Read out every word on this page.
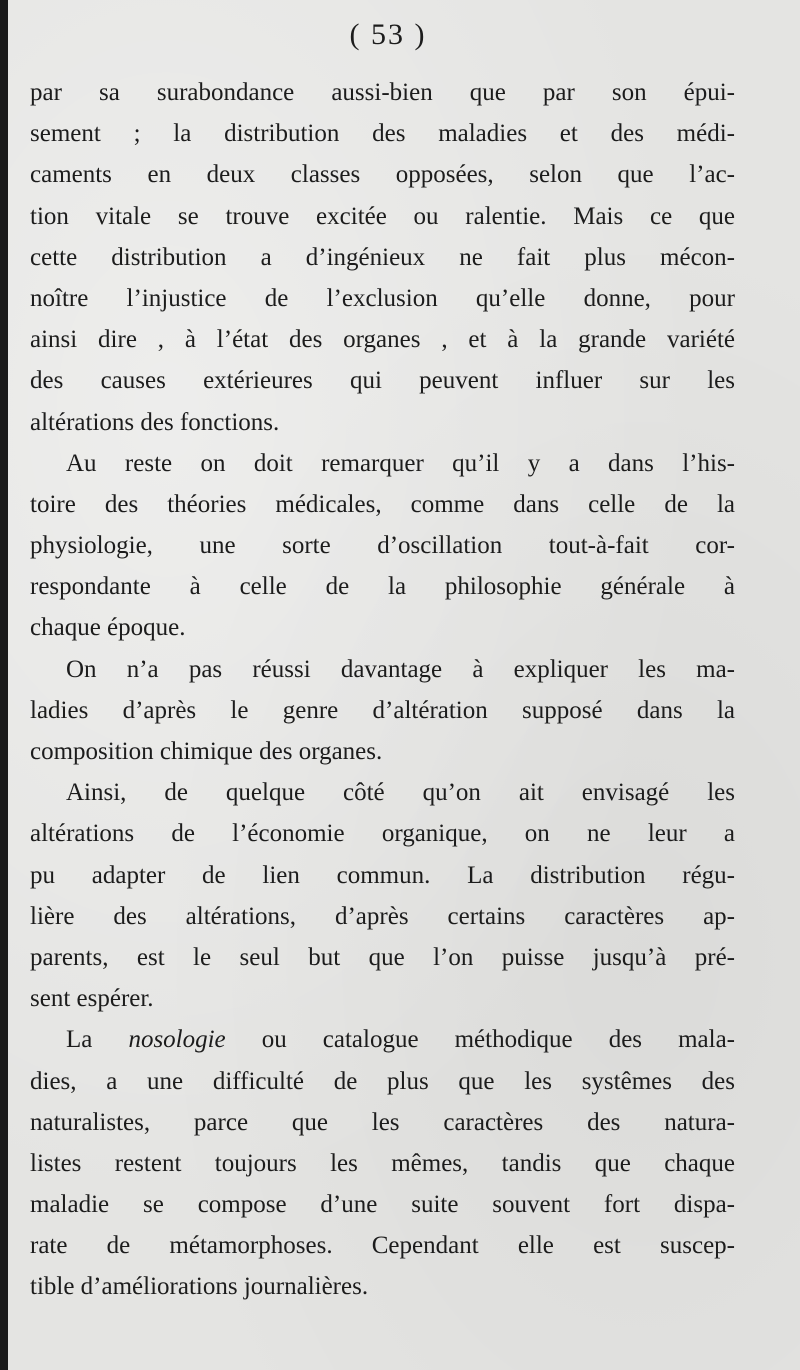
( 53 )
par sa surabondance aussi-bien que par son épui-
sement ; la distribution des maladies et des médi-
caments en deux classes opposées, selon que l’ac-
tion vitale se trouve excitée ou ralentie. Mais ce que
cette distribution a d’ingénieux ne fait plus mécon-
noître l’injustice de l’exclusion qu’elle donne, pour
ainsi dire , à l’état des organes , et à la grande variété
des causes extérieures qui peuvent influer sur les
altérations des fonctions.
Au reste on doit remarquer qu’il y a dans l’his-
toire des théories médicales, comme dans celle de la
physiologie, une sorte d’oscillation tout-à-fait cor-
respondante à celle de la philosophie générale à
chaque époque.
On n’a pas réussi davantage à expliquer les ma-
ladies d’après le genre d’altération supposé dans la
composition chimique des organes.
Ainsi, de quelque côté qu’on ait envisagé les
altérations de l’économie organique, on ne leur a
pu adapter de lien commun. La distribution régu-
lière des altérations, d’après certains caractères ap-
parents, est le seul but que l’on puisse jusqu’à pré-
sent espérer.
La nosologie ou catalogue méthodique des mala-
dies, a une difficulté de plus que les systêmes des
naturalistes, parce que les caractères des natura-
listes restent toujours les mêmes, tandis que chaque
maladie se compose d’une suite souvent fort dispa-
rate de métamorphoses. Cependant elle est suscep-
tible d’améliorations journalières.
